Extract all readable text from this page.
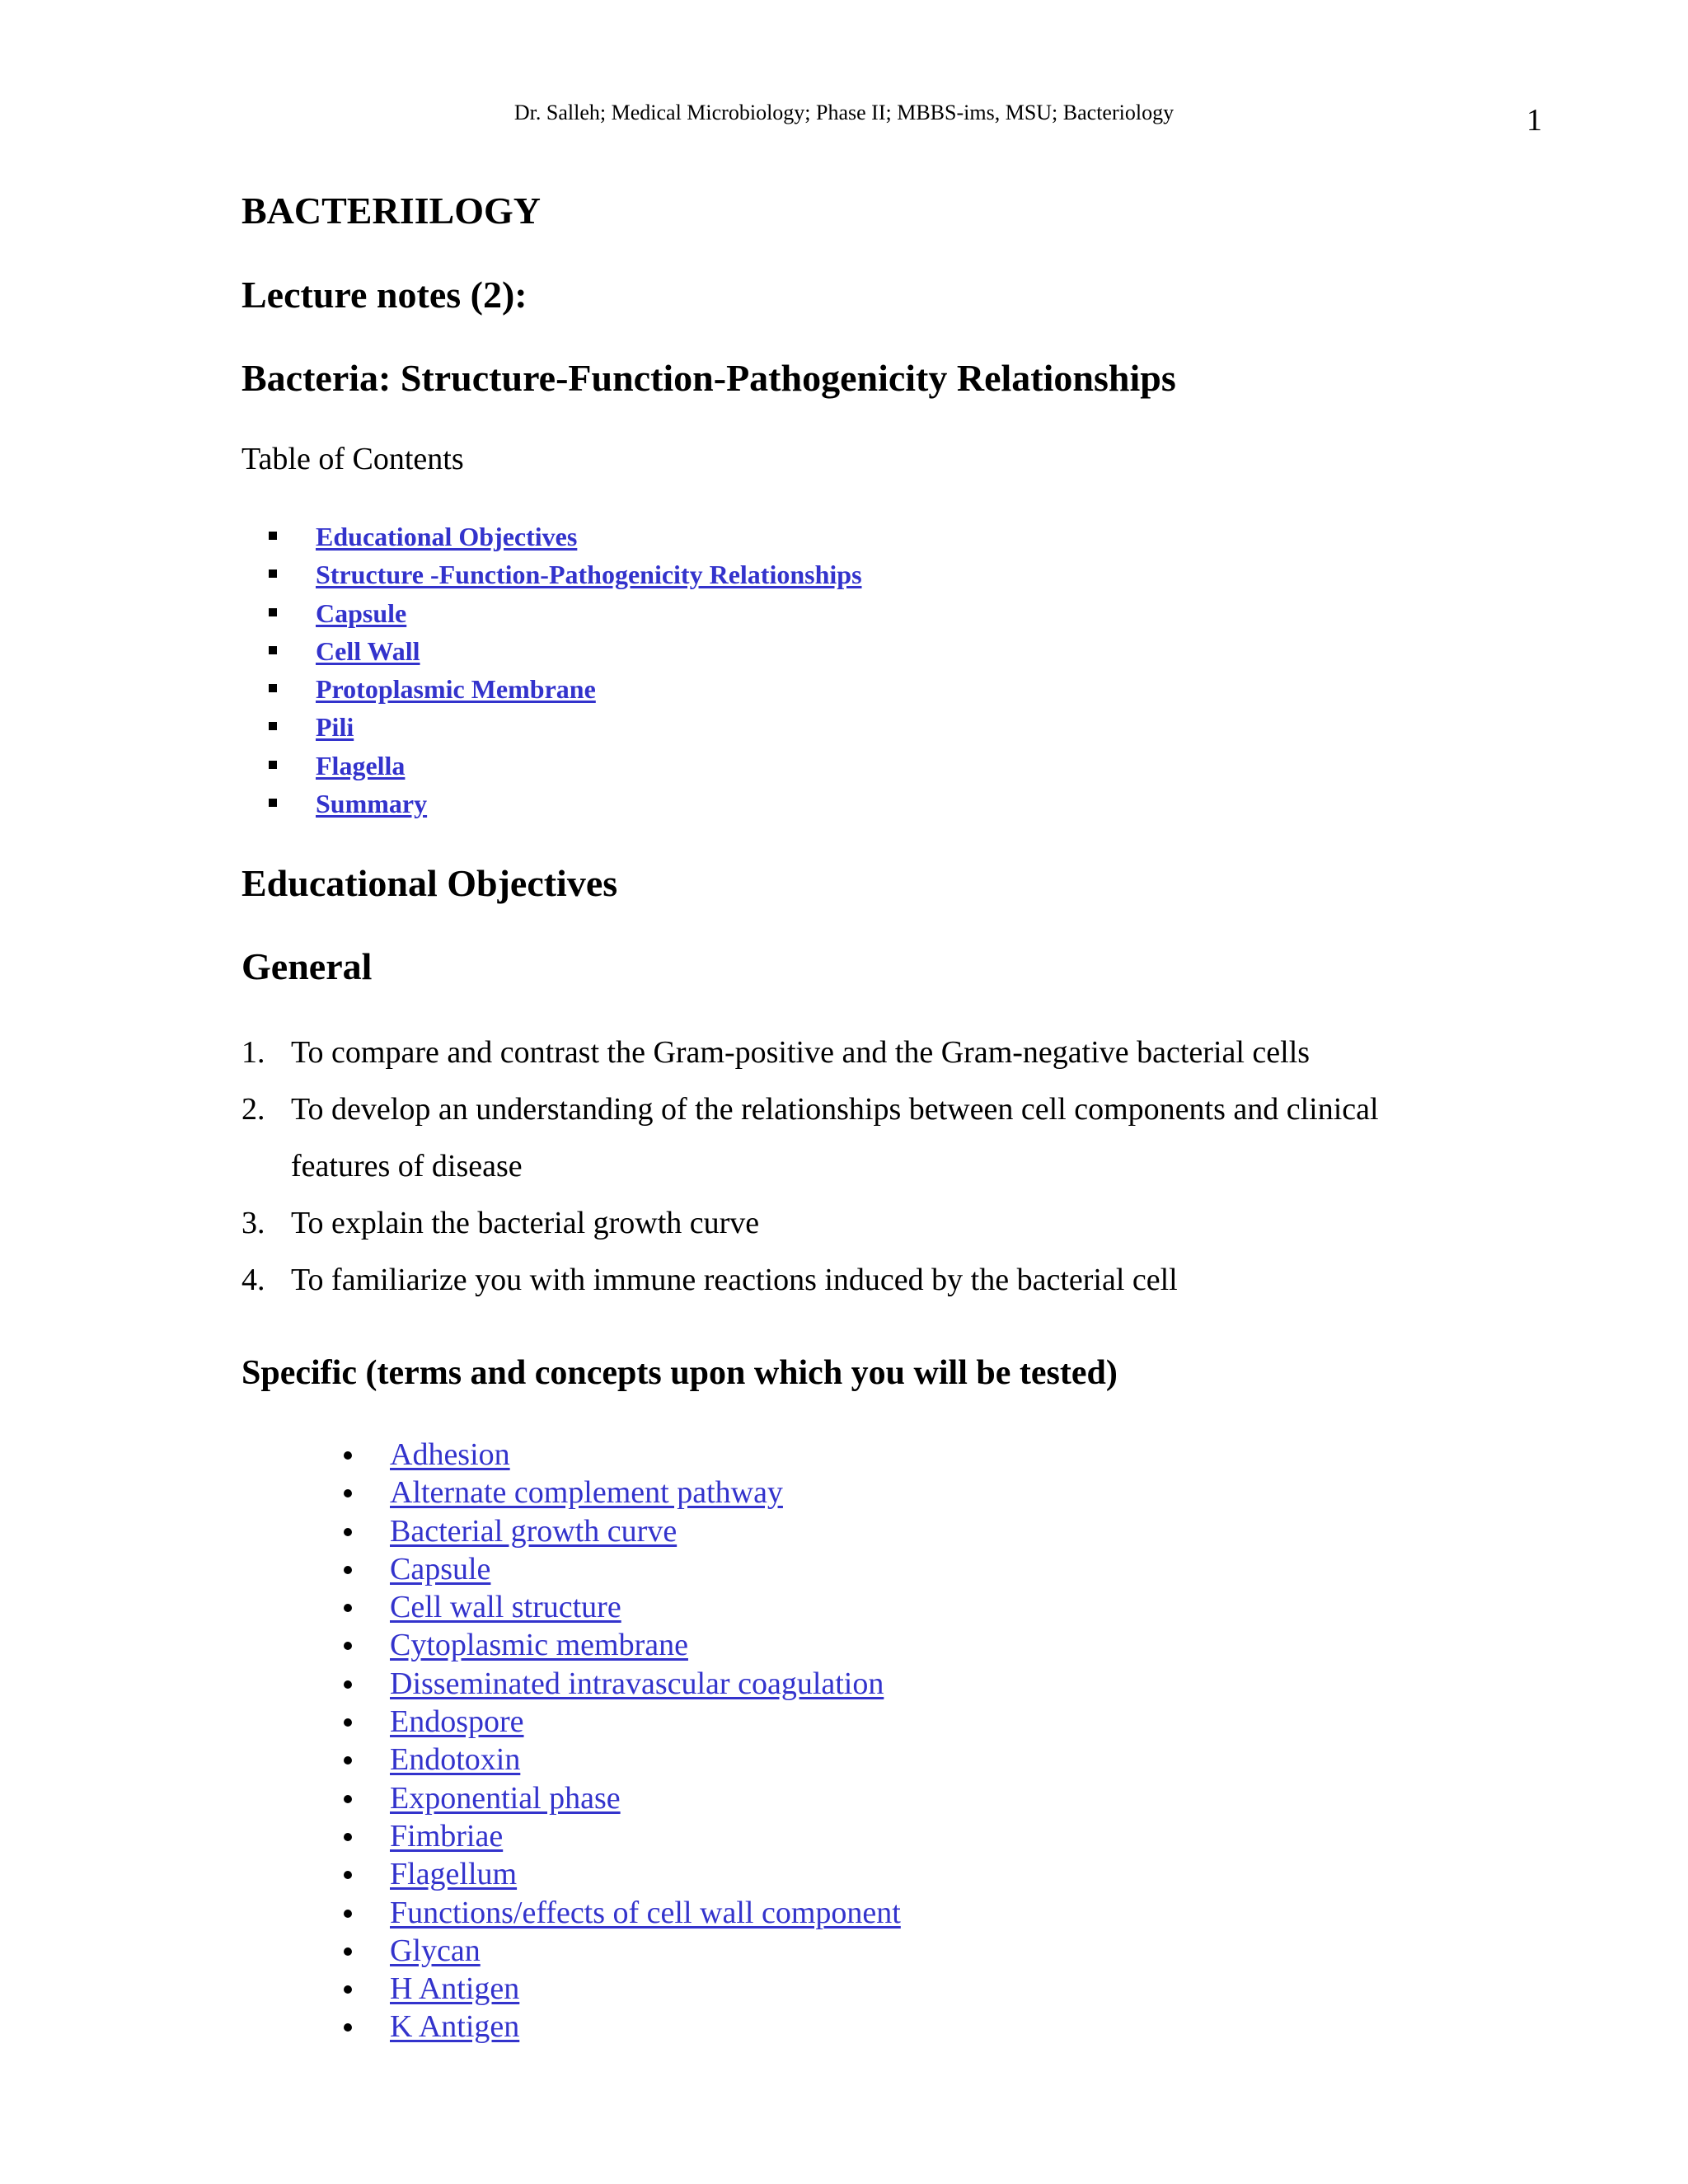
Dr. Salleh; Medical Microbiology; Phase II; MBBS-ims, MSU; Bacteriology	1
BACTERIILOGY
Lecture notes (2):
Bacteria: Structure-Function-Pathogenicity Relationships
Table of Contents
Educational Objectives
Structure -Function-Pathogenicity Relationships
Capsule
Cell Wall
Protoplasmic Membrane
Pili
Flagella
Summary
Educational Objectives
General
1. To compare and contrast the Gram-positive and the Gram-negative bacterial cells
2. To develop an understanding of the relationships between cell components and clinical
features of disease
3. To explain the bacterial growth curve
4. To familiarize you with immune reactions induced by the bacterial cell
Specific (terms and concepts upon which you will be tested)
Adhesion
Alternate complement pathway
Bacterial growth curve
Capsule
Cell wall structure
Cytoplasmic membrane
Disseminated intravascular coagulation
Endospore
Endotoxin
Exponential phase
Fimbriae
Flagellum
Functions/effects of cell wall component
Glycan
H Antigen
K Antigen
